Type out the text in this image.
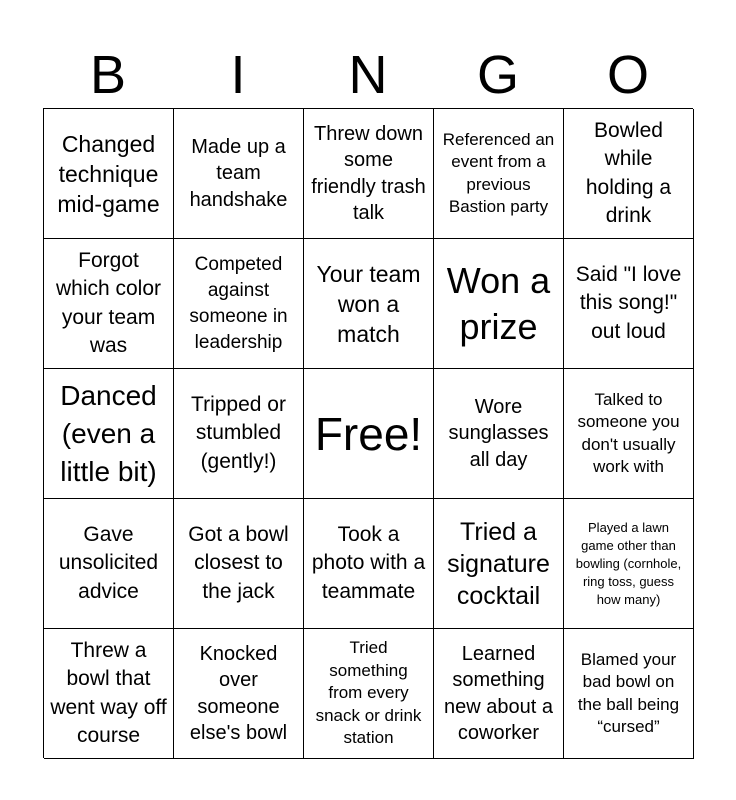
B	I	N	G	O
Changed technique mid-game
Made up a team handshake
Threw down some friendly trash talk
Referenced an event from a previous Bastion party
Bowled while holding a drink
Forgot which color your team was
Competed against someone in leadership
Your team won a match
Won a prize
Said "I love this song!" out loud
Danced (even a little bit)
Tripped or stumbled (gently!)
Free!
Wore sunglasses all day
Talked to someone you don't usually work with
Gave unsolicited advice
Got a bowl closest to the jack
Took a photo with a teammate
Tried a signature cocktail
Played a lawn game other than bowling (cornhole, ring toss, guess how many)
Threw a bowl that went way off course
Knocked over someone else's bowl
Tried something from every snack or drink station
Learned something new about a coworker
Blamed your bad bowl on the ball being “cursed”
